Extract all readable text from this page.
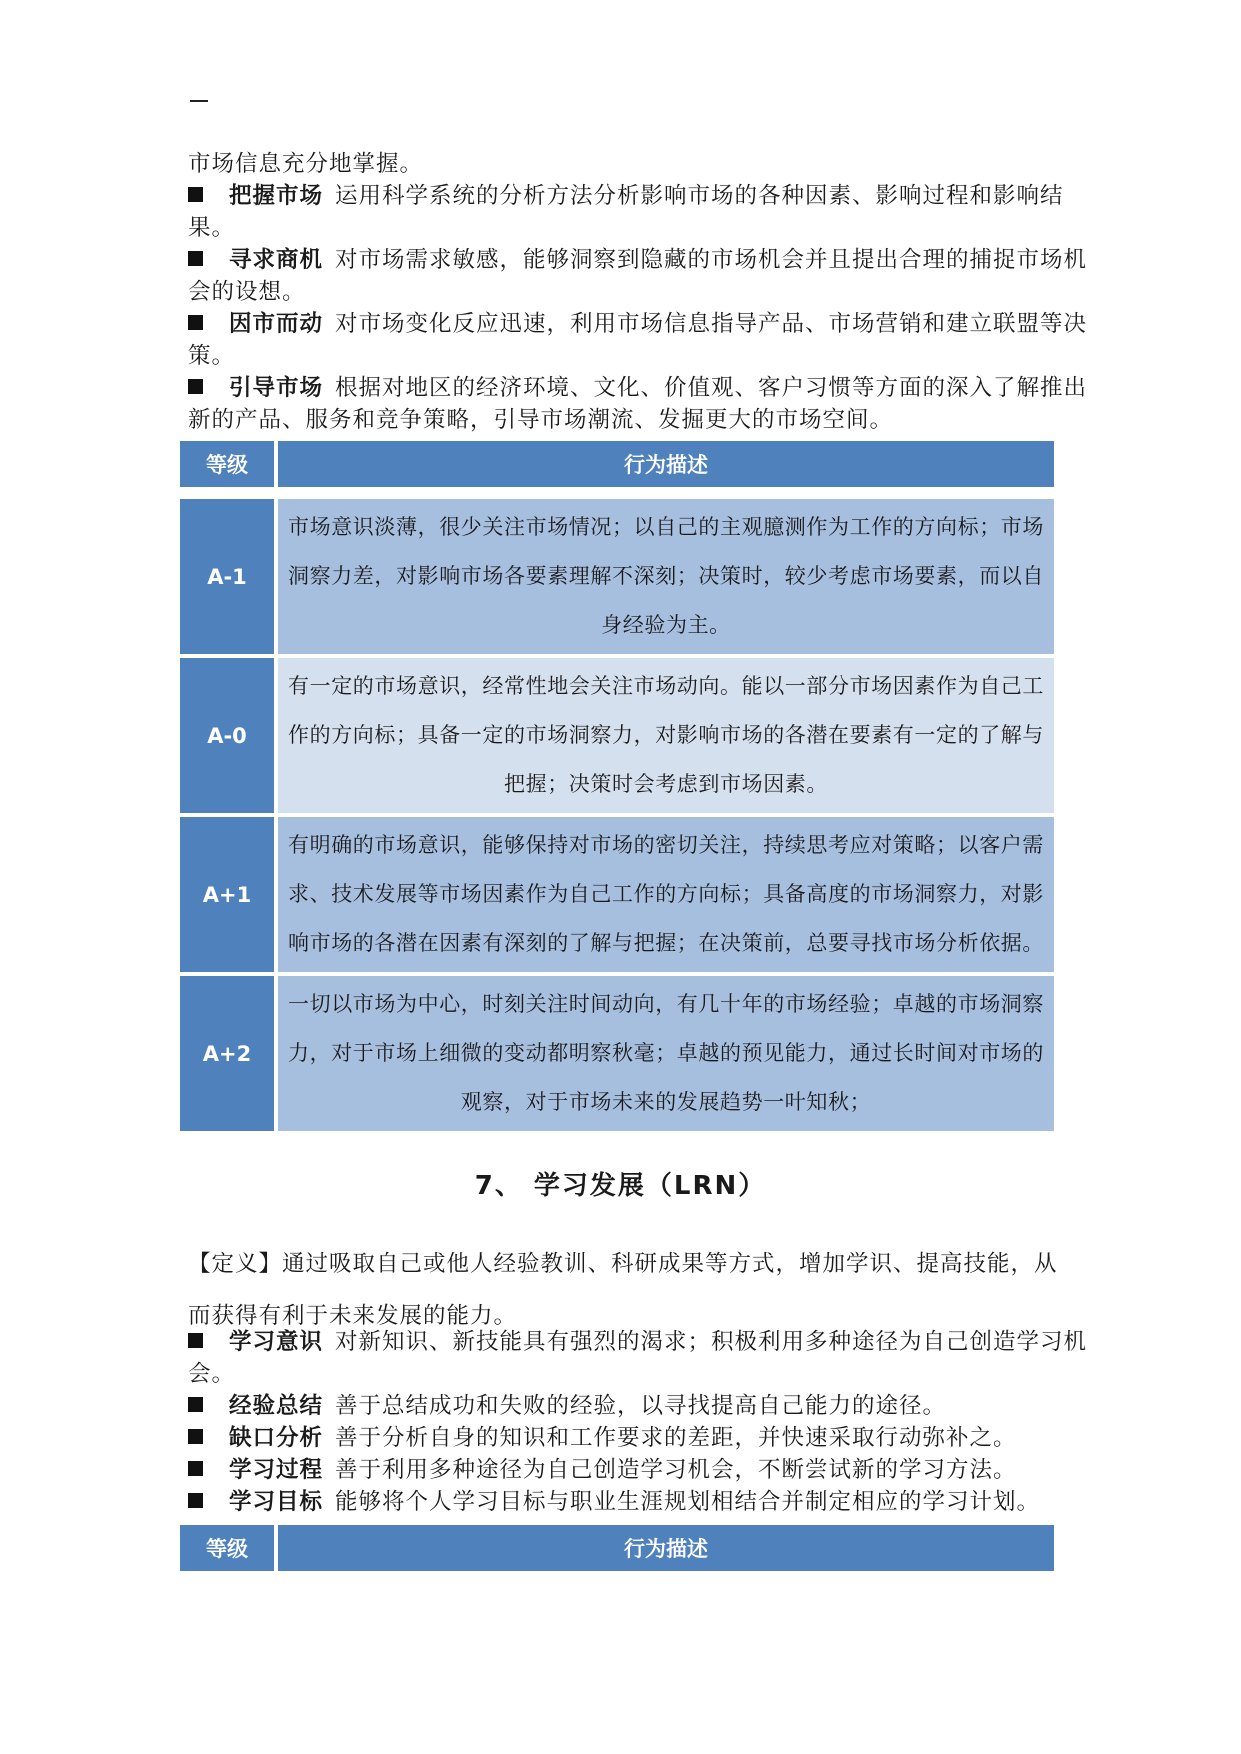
市场信息充分地掌握。
把握市场 运用科学系统的分析方法分析影响市场的各种因素、影响过程和影响结果。
寻求商机 对市场需求敏感，能够洞察到隐藏的市场机会并且提出合理的捕捉市场机会的设想。
因市而动 对市场变化反应迅速，利用市场信息指导产品、市场营销和建立联盟等决策。
引导市场 根据对地区的经济环境、文化、价值观、客户习惯等方面的深入了解推出新的产品、服务和竞争策略，引导市场潮流、发掘更大的市场空间。
等级	行为描述

A-1	市场意识淡薄，很少关注市场情况；以自己的主观臆测作为工作的方向标；市场洞察力差，对影响市场各要素理解不深刻；决策时，较少考虑市场要素，而以自身经验为主。
A-0	有一定的市场意识，经常性地会关注市场动向。能以一部分市场因素作为自己工作的方向标；具备一定的市场洞察力，对影响市场的各潜在要素有一定的了解与把握；决策时会考虑到市场因素。
A+1	有明确的市场意识，能够保持对市场的密切关注，持续思考应对策略；以客户需求、技术发展等市场因素作为自己工作的方向标；具备高度的市场洞察力，对影响市场的各潜在因素有深刻的了解与把握；在决策前，总要寻找市场分析依据。
A+2	一切以市场为中心，时刻关注时间动向，有几十年的市场经验；卓越的市场洞察力，对于市场上细微的变动都明察秋毫；卓越的预见能力，通过长时间对市场的观察，对于市场未来的发展趋势一叶知秋；
7、 学习发展（LRN）
【定义】通过吸取自己或他人经验教训、科研成果等方式，增加学识、提高技能，从而获得有利于未来发展的能力。
学习意识 对新知识、新技能具有强烈的渴求；积极利用多种途径为自己创造学习机会。
经验总结 善于总结成功和失败的经验，以寻找提高自己能力的途径。
缺口分析 善于分析自身的知识和工作要求的差距，并快速采取行动弥补之。
学习过程 善于利用多种途径为自己创造学习机会，不断尝试新的学习方法。
学习目标 能够将个人学习目标与职业生涯规划相结合并制定相应的学习计划。
等级	行为描述
